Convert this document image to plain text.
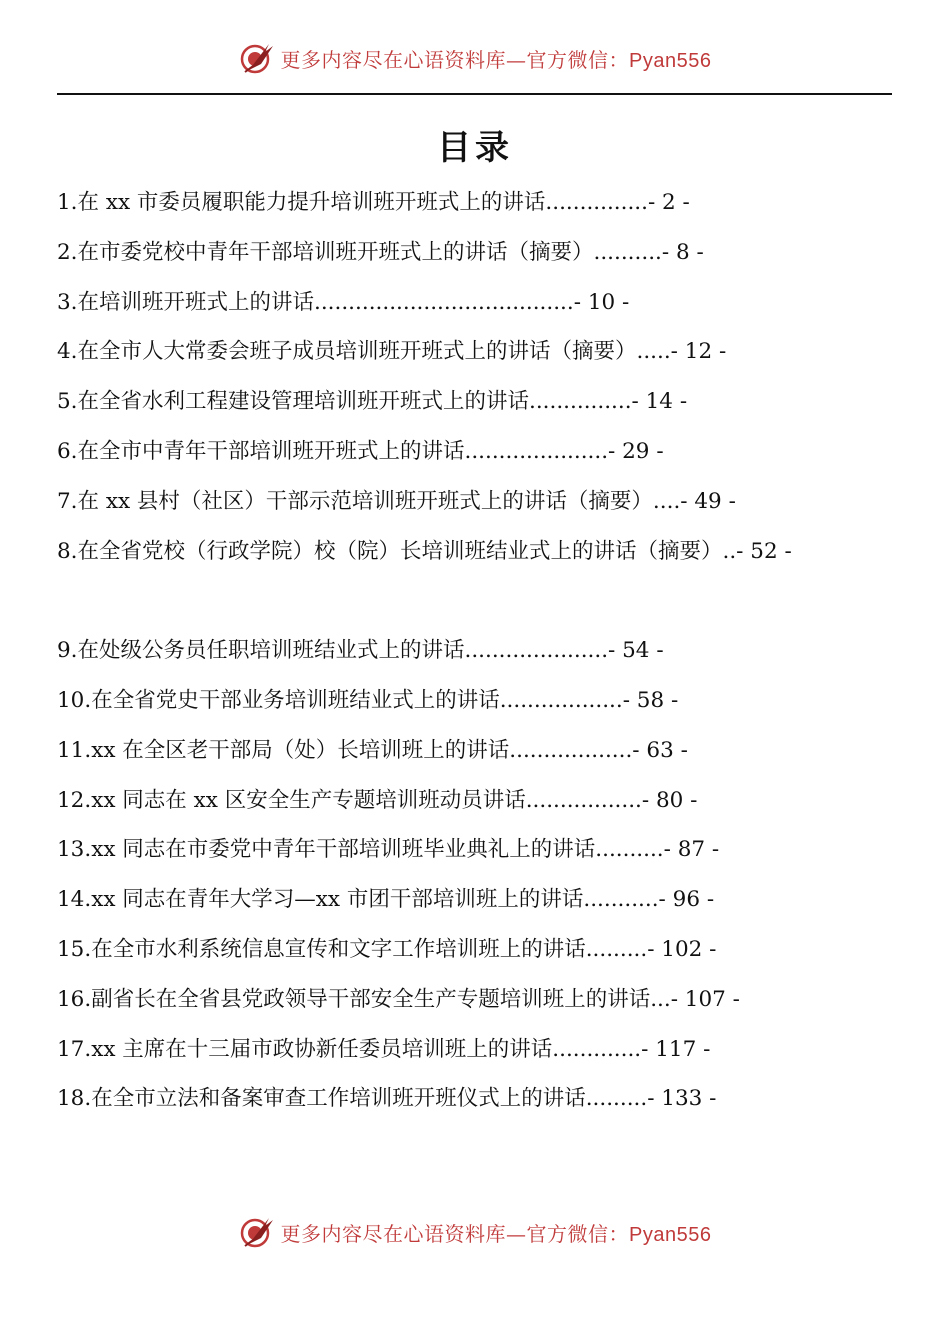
更多内容尽在心语资料库—官方微信：Pyan556
目录
1.在 xx 市委员履职能力提升培训班开班式上的讲话...............- 2 -
2.在市委党校中青年干部培训班开班式上的讲话（摘要）..........- 8 -
3.在培训班开班式上的讲话......................................- 10 -
4.在全市人大常委会班子成员培训班开班式上的讲话（摘要）.....- 12 -
5.在全省水利工程建设管理培训班开班式上的讲话...............- 14 -
6.在全市中青年干部培训班开班式上的讲话.....................- 29 -
7.在 xx 县村（社区）干部示范培训班开班式上的讲话（摘要）....- 49 -
8.在全省党校（行政学院）校（院）长培训班结业式上的讲话（摘要）..- 52 -
9.在处级公务员任职培训班结业式上的讲话.....................- 54 -
10.在全省党史干部业务培训班结业式上的讲话..................- 58 -
11.xx 在全区老干部局（处）长培训班上的讲话..................- 63 -
12.xx 同志在 xx 区安全生产专题培训班动员讲话.................- 80 -
13.xx 同志在市委党中青年干部培训班毕业典礼上的讲话..........- 87 -
14.xx 同志在青年大学习—xx 市团干部培训班上的讲话...........- 96 -
15.在全市水利系统信息宣传和文字工作培训班上的讲话.........- 102 -
16.副省长在全省县党政领导干部安全生产专题培训班上的讲话...- 107 -
17.xx 主席在十三届市政协新任委员培训班上的讲话.............- 117 -
18.在全市立法和备案审查工作培训班开班仪式上的讲话.........- 133 -
更多内容尽在心语资料库—官方微信：Pyan556
